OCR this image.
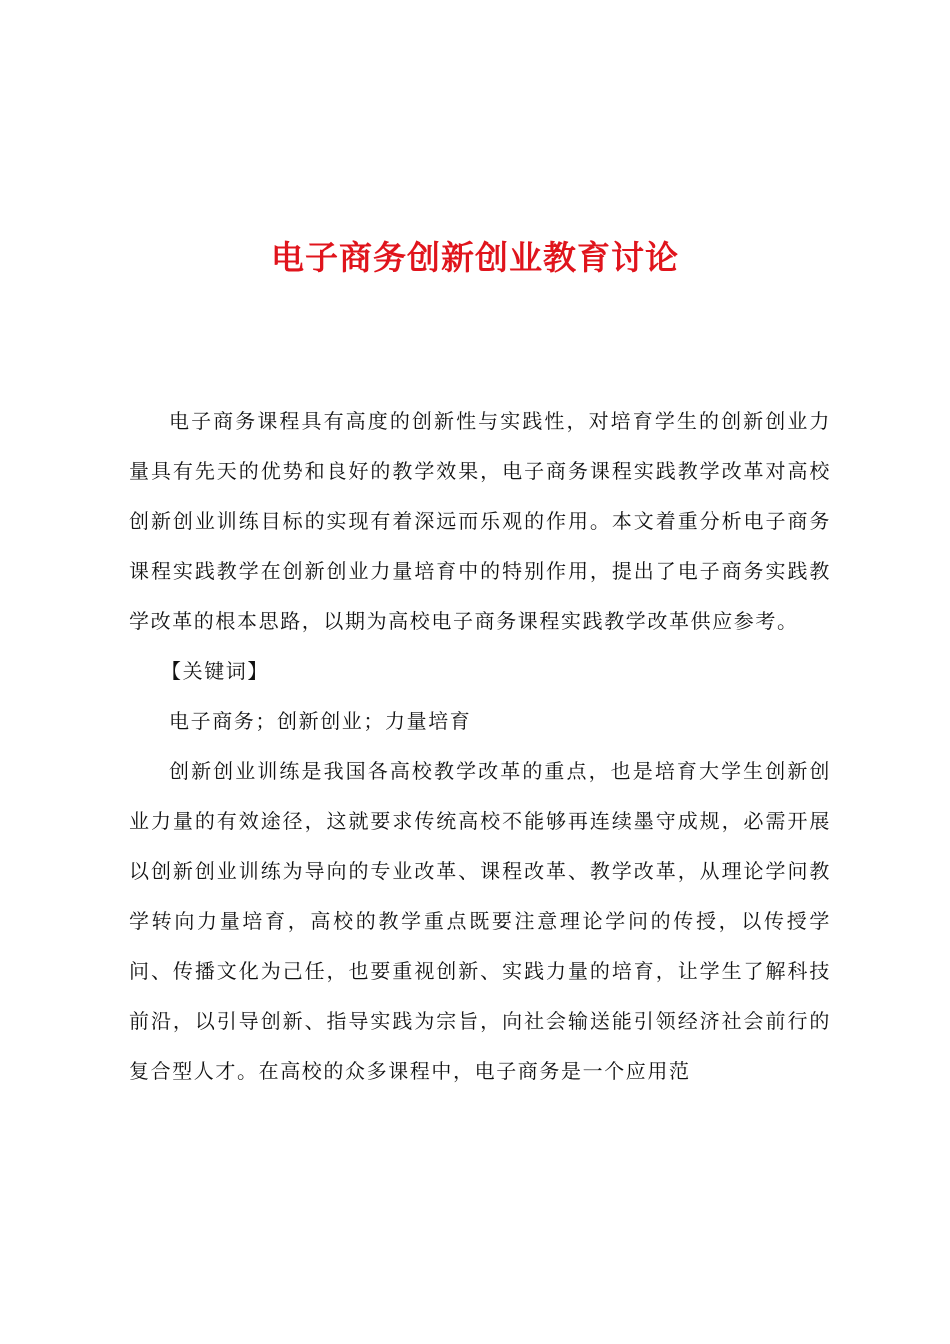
电子商务创新创业教育讨论

电子商务课程具有高度的创新性与实践性，对培育学生的创新创业力量具有先天的优势和良好的教学效果，电子商务课程实践教学改革对高校创新创业训练目标的实现有着深远而乐观的作用。本文着重分析电子商务课程实践教学在创新创业力量培育中的特别作用，提出了电子商务实践教学改革的根本思路，以期为高校电子商务课程实践教学改革供应参考。

【关键词】

电子商务；创新创业；力量培育

创新创业训练是我国各高校教学改革的重点，也是培育大学生创新创业力量的有效途径，这就要求传统高校不能够再连续墨守成规，必需开展以创新创业训练为导向的专业改革、课程改革、教学改革，从理论学问教学转向力量培育，高校的教学重点既要注意理论学问的传授，以传授学问、传播文化为己任，也要重视创新、实践力量的培育，让学生了解科技前沿，以引导创新、指导实践为宗旨，向社会输送能引领经济社会前行的复合型人才。在高校的众多课程中，电子商务是一个应用范
